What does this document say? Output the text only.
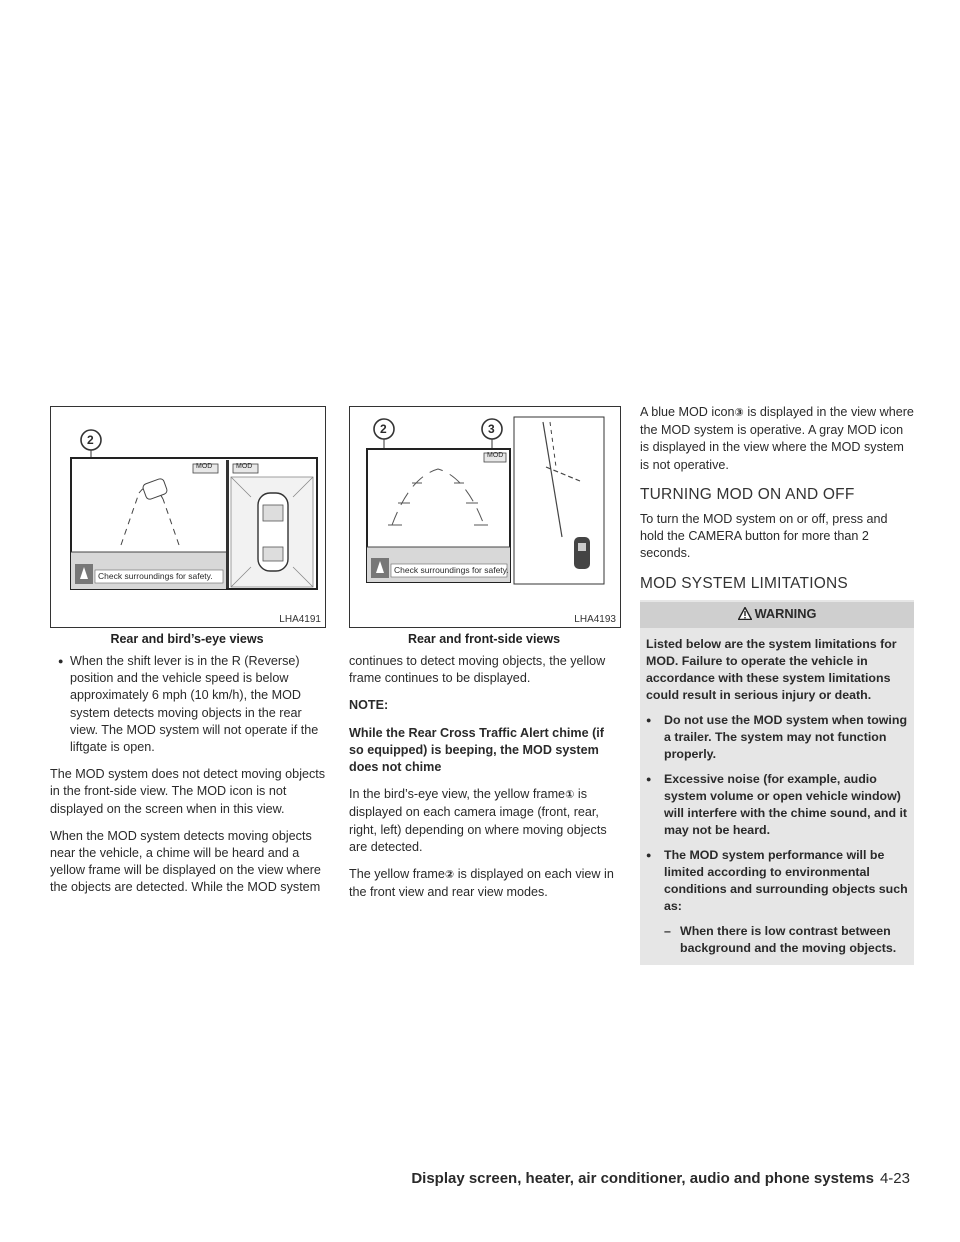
2
MOD	MOD
Check surroundings for safety.
LHA4191
Rear and bird’s-eye views
2	3
MOD
Check surroundings for safety.
LHA4193
Rear and front-side views
● When the shift lever is in the R (Reverse) position and the vehicle speed is below approximately 6 mph (10 km/h), the MOD system detects moving objects in the rear view. The MOD system will not operate if the liftgate is open.

The MOD system does not detect moving objects in the front-side view. The MOD icon is not displayed on the screen when in this view.

When the MOD system detects moving objects near the vehicle, a chime will be heard and a yellow frame will be displayed on the view where the objects are detected. While the MOD system

continues to detect moving objects, the yellow frame continues to be displayed.

NOTE:

While the Rear Cross Traffic Alert chime (if so equipped) is beeping, the MOD system does not chime

In the bird’s-eye view, the yellow frame① is displayed on each camera image (front, rear, right, left) depending on where moving objects are detected.

The yellow frame② is displayed on each view in the front view and rear view modes.

A blue MOD icon③ is displayed in the view where the MOD system is operative. A gray MOD icon is displayed in the view where the MOD system is not operative.

TURNING MOD ON AND OFF

To turn the MOD system on or off, press and hold the CAMERA button for more than 2 seconds.

MOD SYSTEM LIMITATIONS
WARNING

Listed below are the system limitations for MOD. Failure to operate the vehicle in accordance with these system limitations could result in serious injury or death.

●	Do not use the MOD system when towing a trailer. The system may not function properly.
●	Excessive noise (for example, audio system volume or open vehicle window) will interfere with the chime sound, and it may not be heard.
●	The MOD system performance will be limited according to environmental conditions and surrounding objects such as:
– When there is low contrast between background and the moving objects.
Display screen, heater, air conditioner, audio and phone systems 4-23
